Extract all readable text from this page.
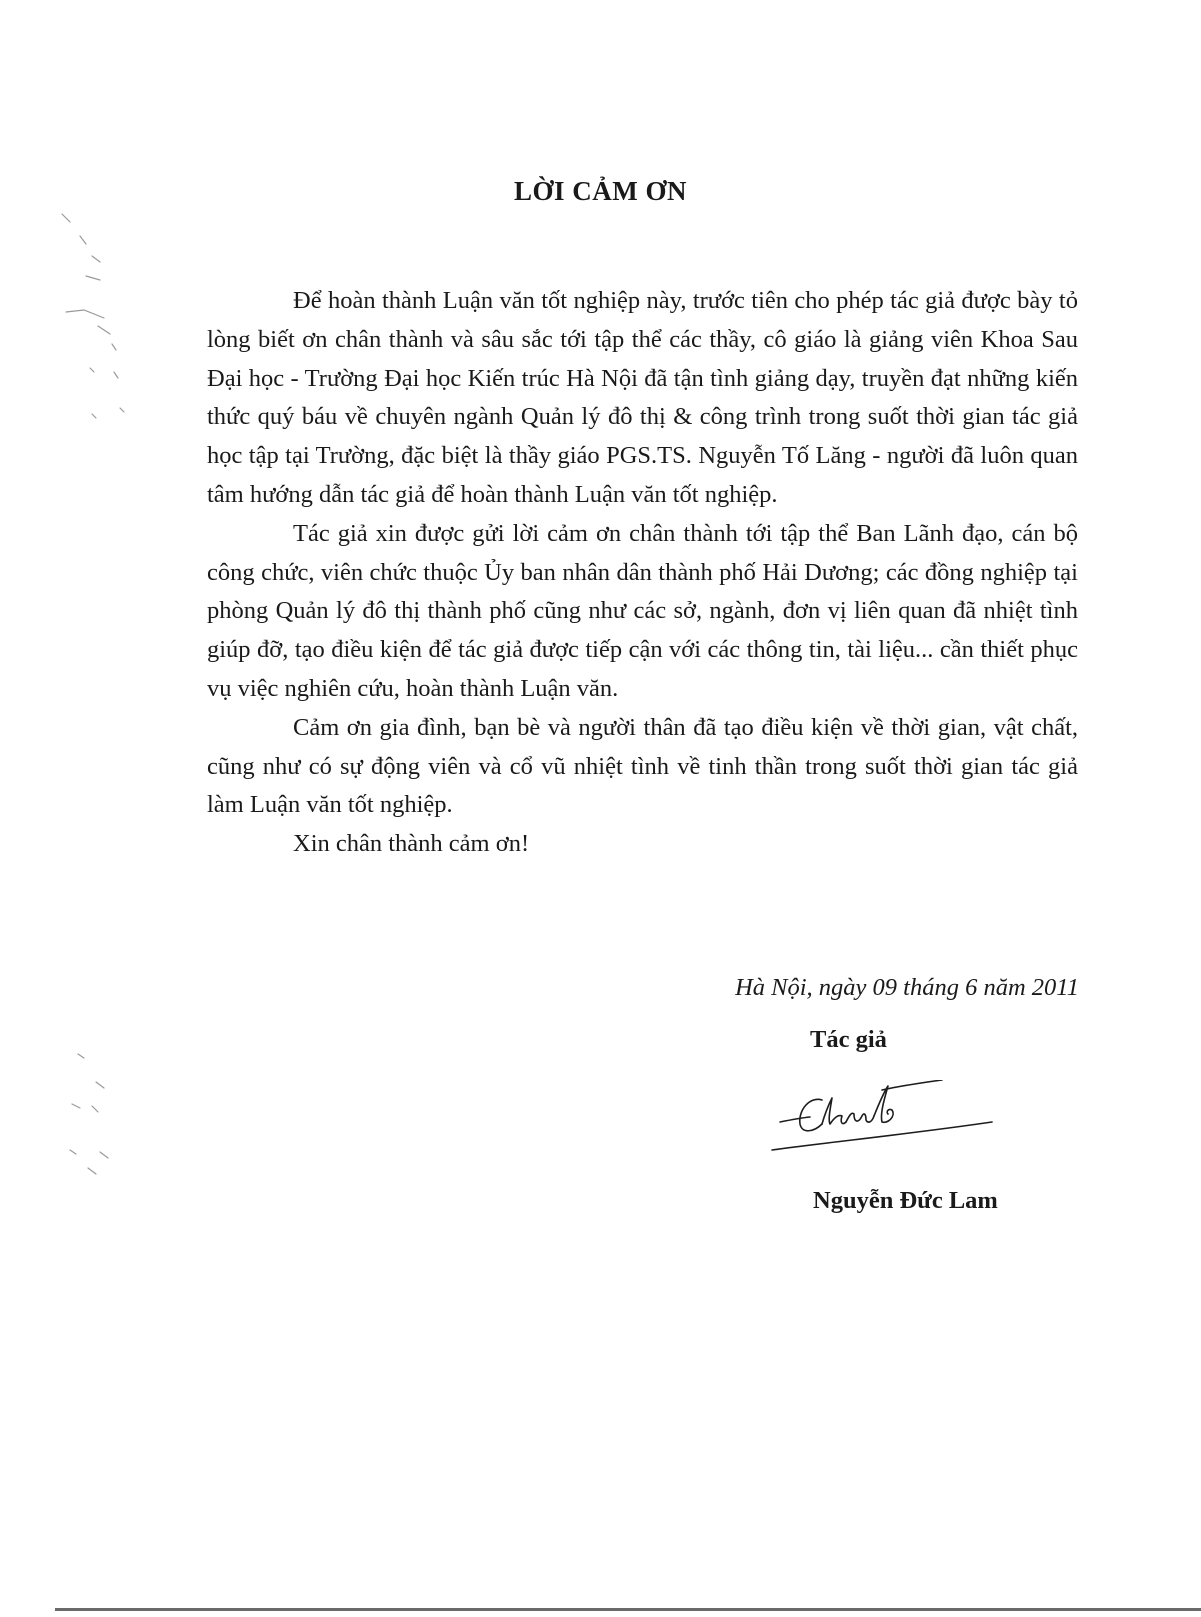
LỜI CẢM ƠN

Để hoàn thành Luận văn tốt nghiệp này, trước tiên cho phép tác giả được bày tỏ lòng biết ơn chân thành và sâu sắc tới tập thể các thầy, cô giáo là giảng viên Khoa Sau Đại học - Trường Đại học Kiến trúc Hà Nội đã tận tình giảng dạy, truyền đạt những kiến thức quý báu về chuyên ngành Quản lý đô thị & công trình trong suốt thời gian tác giả học tập tại Trường, đặc biệt là thầy giáo PGS.TS. Nguyễn Tố Lăng - người đã luôn quan tâm hướng dẫn tác giả để hoàn thành Luận văn tốt nghiệp.

Tác giả xin được gửi lời cảm ơn chân thành tới tập thể Ban Lãnh đạo, cán bộ công chức, viên chức thuộc Ủy ban nhân dân thành phố Hải Dương; các đồng nghiệp tại phòng Quản lý đô thị thành phố cũng như các sở, ngành, đơn vị liên quan đã nhiệt tình giúp đỡ, tạo điều kiện để tác giả được tiếp cận với các thông tin, tài liệu... cần thiết phục vụ việc nghiên cứu, hoàn thành Luận văn.

Cảm ơn gia đình, bạn bè và người thân đã tạo điều kiện về thời gian, vật chất, cũng như có sự động viên và cổ vũ nhiệt tình về tinh thần trong suốt thời gian tác giả làm Luận văn tốt nghiệp.

Xin chân thành cảm ơn!

Hà Nội, ngày 09 tháng 6 năm 2011

Tác giả

Nguyễn Đức Lam
